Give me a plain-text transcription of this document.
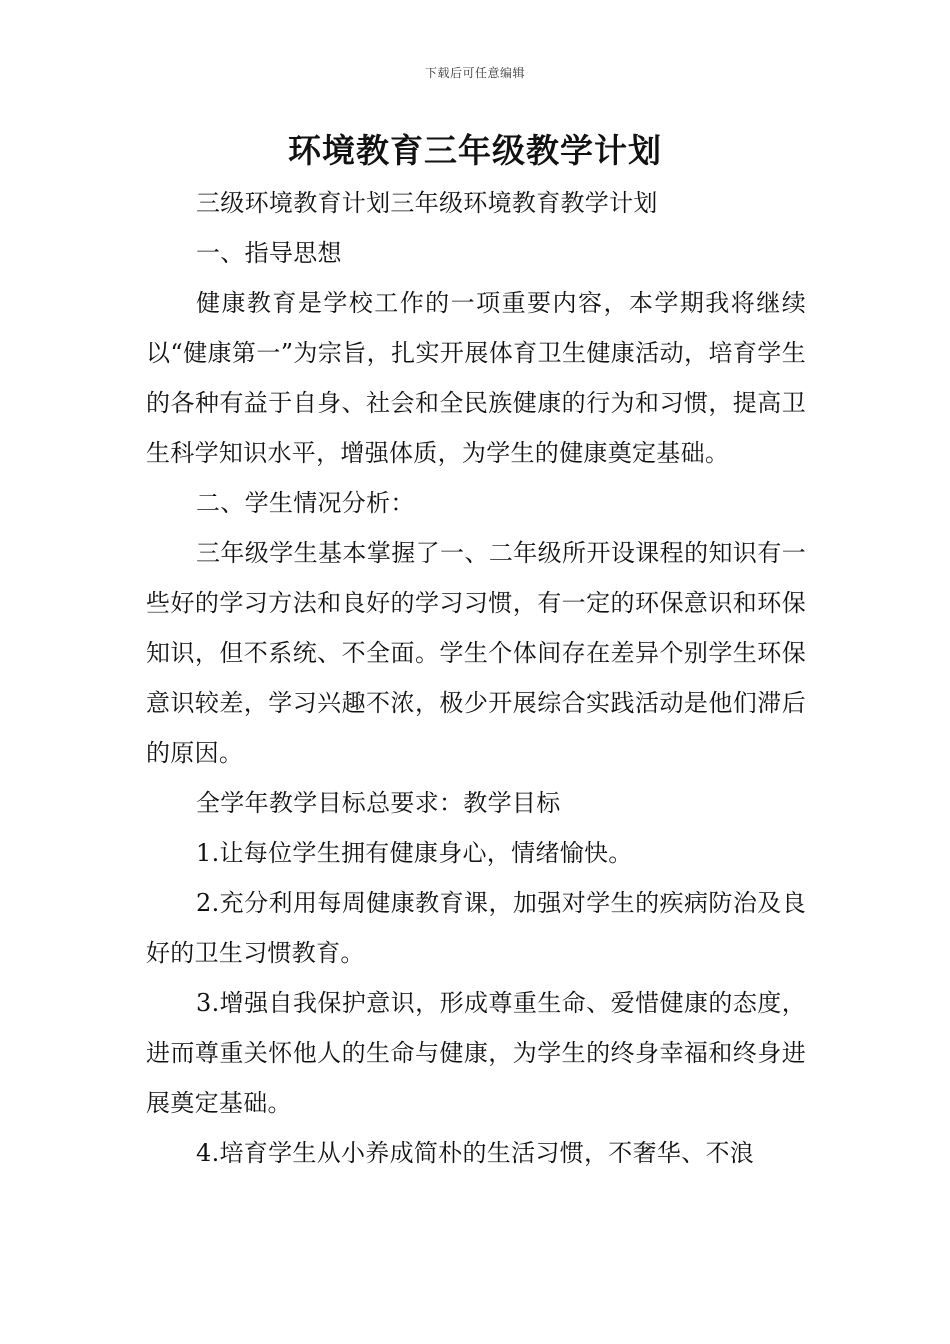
下载后可任意编辑
环境教育三年级教学计划

三级环境教育计划三年级环境教育教学计划

一、指导思想

健康教育是学校工作的一项重要内容，本学期我将继续以“健康第一”为宗旨，扎实开展体育卫生健康活动，培育学生的各种有益于自身、社会和全民族健康的行为和习惯，提高卫生科学知识水平，增强体质，为学生的健康奠定基础。

二、学生情况分析：

三年级学生基本掌握了一、二年级所开设课程的知识有一些好的学习方法和良好的学习习惯，有一定的环保意识和环保知识，但不系统、不全面。学生个体间存在差异个别学生环保意识较差，学习兴趣不浓，极少开展综合实践活动是他们滞后的原因。

全学年教学目标总要求：教学目标

1.让每位学生拥有健康身心，情绪愉快。

2.充分利用每周健康教育课，加强对学生的疾病防治及良好的卫生习惯教育。

3.增强自我保护意识，形成尊重生命、爱惜健康的态度，进而尊重关怀他人的生命与健康，为学生的终身幸福和终身进展奠定基础。

4.培育学生从小养成简朴的生活习惯，不奢华、不浪
